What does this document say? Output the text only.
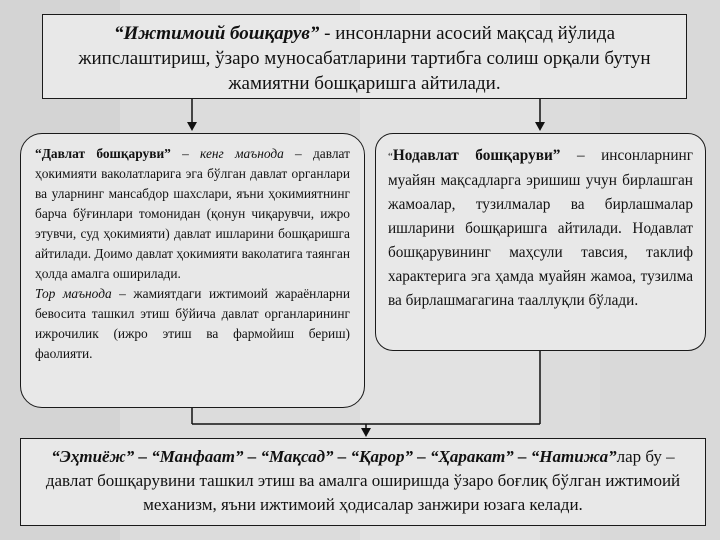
“Ижтимоий бошқарув” - инсонларни асосий мақсад йўлида жипслаштириш, ўзаро муносабатларини тартибга солиш орқали бутун жамиятни бошқаришга айтилади.
“Давлат бошқаруви” – кенг маънода – давлат ҳокимияти ваколатларига эга бўлган давлат органлари ва уларнинг мансабдор шахслари, яъни ҳокимиятнинг барча бўғинлари томонидан (қонун чиқарувчи, ижро этувчи, суд ҳокимияти) давлат ишларини бошқаришга айтилади. Доимо давлат ҳокимияти ваколатига таянган ҳолда амалга оширилади.
Тор маънода – жамиятдаги ижтимоий жараёнларни бевосита ташкил этиш бўйича давлат органларининг ижрочилик (ижро этиш ва фармойиш бериш) фаолияти.
“Нодавлат бошқаруви” – инсонларнинг муайян мақсадларга эришиш учун бирлашган жамоалар, тузилмалар ва бирлашмалар ишларини бошқаришга айтилади. Нодавлат бошқарувининг маҳсули тавсия, таклиф характерига эга ҳамда муайян жамоа, тузилма ва бирлашмагагина тааллуқли бўлади.
“Эҳтиёж” – “Манфаат” – “Мақсад” – “Қарор” – “Ҳаракат” – “Натижа”лар бу – давлат бошқарувини ташкил этиш ва амалга оширишда ўзаро боғлиқ бўлган ижтимоий механизм, яъни ижтимоий ҳодисалар занжири юзага келади.
